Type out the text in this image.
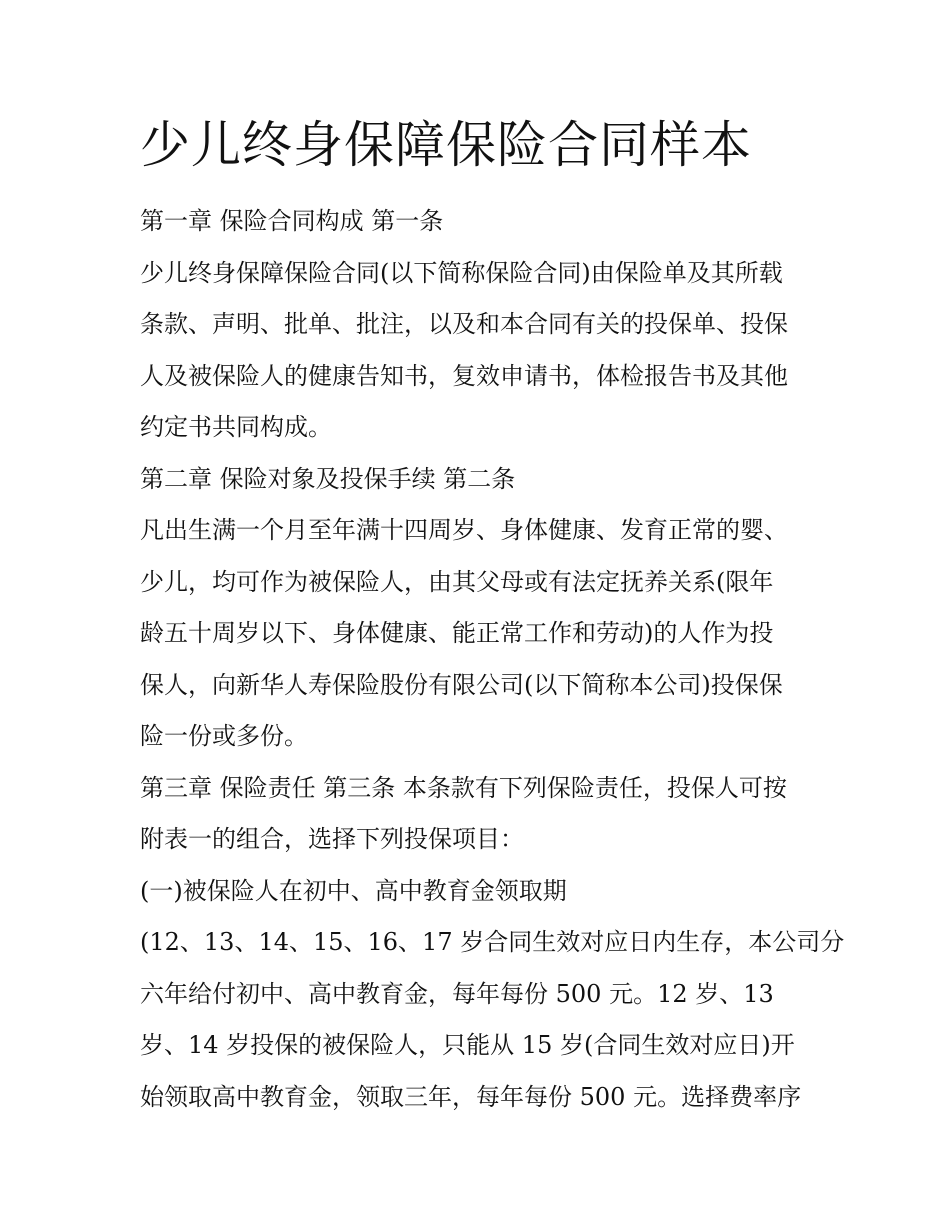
少儿终身保障保险合同样本
第一章 保险合同构成 第一条
少儿终身保障保险合同(以下简称保险合同)由保险单及其所载
条款、声明、批单、批注，以及和本合同有关的投保单、投保
人及被保险人的健康告知书，复效申请书，体检报告书及其他
约定书共同构成。
第二章 保险对象及投保手续 第二条
凡出生满一个月至年满十四周岁、身体健康、发育正常的婴、
少儿，均可作为被保险人，由其父母或有法定抚养关系(限年
龄五十周岁以下、身体健康、能正常工作和劳动)的人作为投
保人，向新华人寿保险股份有限公司(以下简称本公司)投保保
险一份或多份。
第三章 保险责任 第三条 本条款有下列保险责任，投保人可按
附表一的组合，选择下列投保项目：
(一)被保险人在初中、高中教育金领取期
(12、13、14、15、16、17 岁合同生效对应日内生存，本公司分
六年给付初中、高中教育金，每年每份 500 元。12 岁、13
岁、14 岁投保的被保险人，只能从 15 岁(合同生效对应日)开
始领取高中教育金，领取三年，每年每份 500 元。选择费率序
